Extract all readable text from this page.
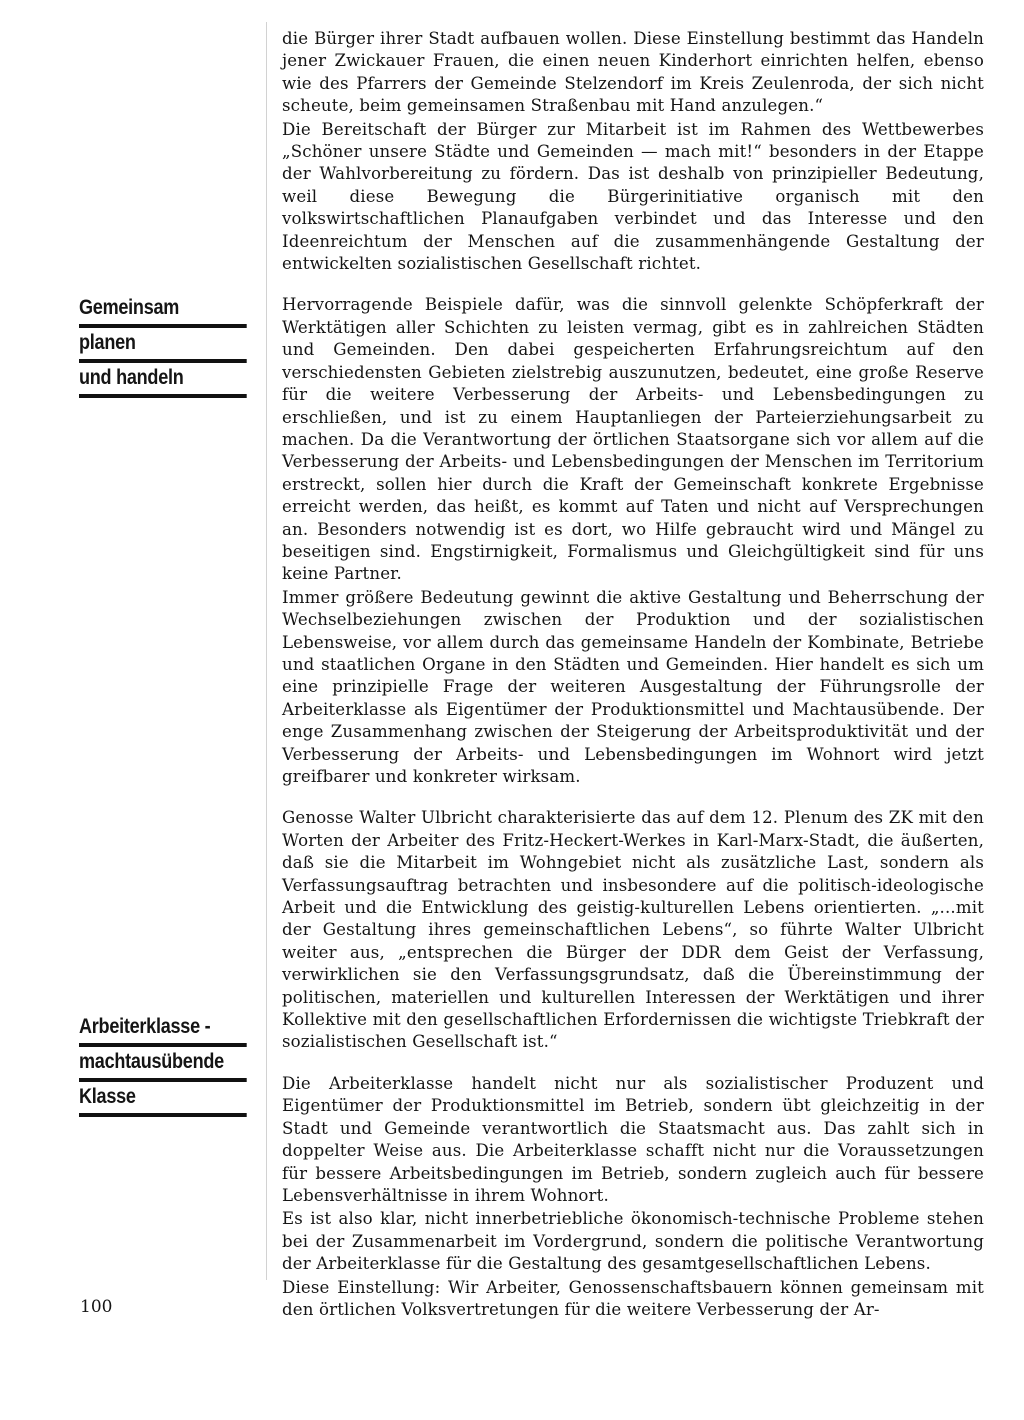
Gemeinsam
planen
und handeln
Arbeiterklasse -
machtausübende
Klasse

die Bürger ihrer Stadt aufbauen wollen. Diese Einstellung bestimmt das Handeln jener Zwickauer Frauen, die einen neuen Kinderhort einrichten helfen, ebenso wie des Pfarrers der Gemeinde Stelzendorf im Kreis Zeulenroda, der sich nicht scheute, beim gemeinsamen Straßenbau mit Hand anzulegen.“

Die Bereitschaft der Bürger zur Mitarbeit ist im Rahmen des Wettbewerbes „Schöner unsere Städte und Gemeinden — mach mit!“ besonders in der Etappe der Wahlvorbereitung zu fördern. Das ist deshalb von prinzipieller Bedeutung, weil diese Bewegung die Bürgerinitiative organisch mit den volkswirtschaftlichen Planaufgaben verbindet und das Interesse und den Ideenreichtum der Menschen auf die zusammenhängende Gestaltung der entwickelten sozialistischen Gesellschaft richtet.

Hervorragende Beispiele dafür, was die sinnvoll gelenkte Schöpferkraft der Werktätigen aller Schichten zu leisten vermag, gibt es in zahlreichen Städten und Gemeinden. Den dabei gespeicherten Erfahrungsreichtum auf den verschiedensten Gebieten zielstrebig auszunutzen, bedeutet, eine große Reserve für die weitere Verbesserung der Arbeits- und Lebensbedingungen zu erschließen, und ist zu einem Hauptanliegen der Parteierziehungsarbeit zu machen. Da die Verantwortung der örtlichen Staatsorgane sich vor allem auf die Verbesserung der Arbeits- und Lebensbedingungen der Menschen im Territorium erstreckt, sollen hier durch die Kraft der Gemeinschaft konkrete Ergebnisse erreicht werden, das heißt, es kommt auf Taten und nicht auf Versprechungen an. Besonders notwendig ist es dort, wo Hilfe gebraucht wird und Mängel zu beseitigen sind. Engstirnigkeit, Formalismus und Gleichgültigkeit sind für uns keine Partner.

Immer größere Bedeutung gewinnt die aktive Gestaltung und Beherrschung der Wechselbeziehungen zwischen der Produktion und der sozialistischen Lebensweise, vor allem durch das gemeinsame Handeln der Kombinate, Betriebe und staatlichen Organe in den Städten und Gemeinden. Hier handelt es sich um eine prinzipielle Frage der weiteren Ausgestaltung der Führungsrolle der Arbeiterklasse als Eigentümer der Produktionsmittel und Machtausübende. Der enge Zusammenhang zwischen der Steigerung der Arbeitsproduktivität und der Verbesserung der Arbeits- und Lebensbedingungen im Wohnort wird jetzt greifbarer und konkreter wirksam.

Genosse Walter Ulbricht charakterisierte das auf dem 12. Plenum des ZK mit den Worten der Arbeiter des Fritz-Heckert-Werkes in Karl-Marx-Stadt, die äußerten, daß sie die Mitarbeit im Wohngebiet nicht als zusätzliche Last, sondern als Verfassungsauftrag betrachten und insbesondere auf die politisch-ideologische Arbeit und die Entwicklung des geistig-kulturellen Lebens orientierten. „...mit der Gestaltung ihres gemeinschaftlichen Lebens“, so führte Walter Ulbricht weiter aus, „entsprechen die Bürger der DDR dem Geist der Verfassung, verwirklichen sie den Verfassungsgrundsatz, daß die Übereinstimmung der politischen, materiellen und kulturellen Interessen der Werktätigen und ihrer Kollektive mit den gesellschaftlichen Erfordernissen die wichtigste Triebkraft der sozialistischen Gesellschaft ist.“

Die Arbeiterklasse handelt nicht nur als sozialistischer Produzent und Eigentümer der Produktionsmittel im Betrieb, sondern übt gleichzeitig in der Stadt und Gemeinde verantwortlich die Staatsmacht aus. Das zahlt sich in doppelter Weise aus. Die Arbeiterklasse schafft nicht nur die Voraussetzungen für bessere Arbeitsbedingungen im Betrieb, sondern zugleich auch für bessere Lebensverhältnisse in ihrem Wohnort.

Es ist also klar, nicht innerbetriebliche ökonomisch-technische Probleme stehen bei der Zusammenarbeit im Vordergrund, sondern die politische Verantwortung der Arbeiterklasse für die Gestaltung des gesamtgesellschaftlichen Lebens.

Diese Einstellung: Wir Arbeiter, Genossenschaftsbauern können gemeinsam mit den örtlichen Volksvertretungen für die weitere Verbesserung der Ar-

100
